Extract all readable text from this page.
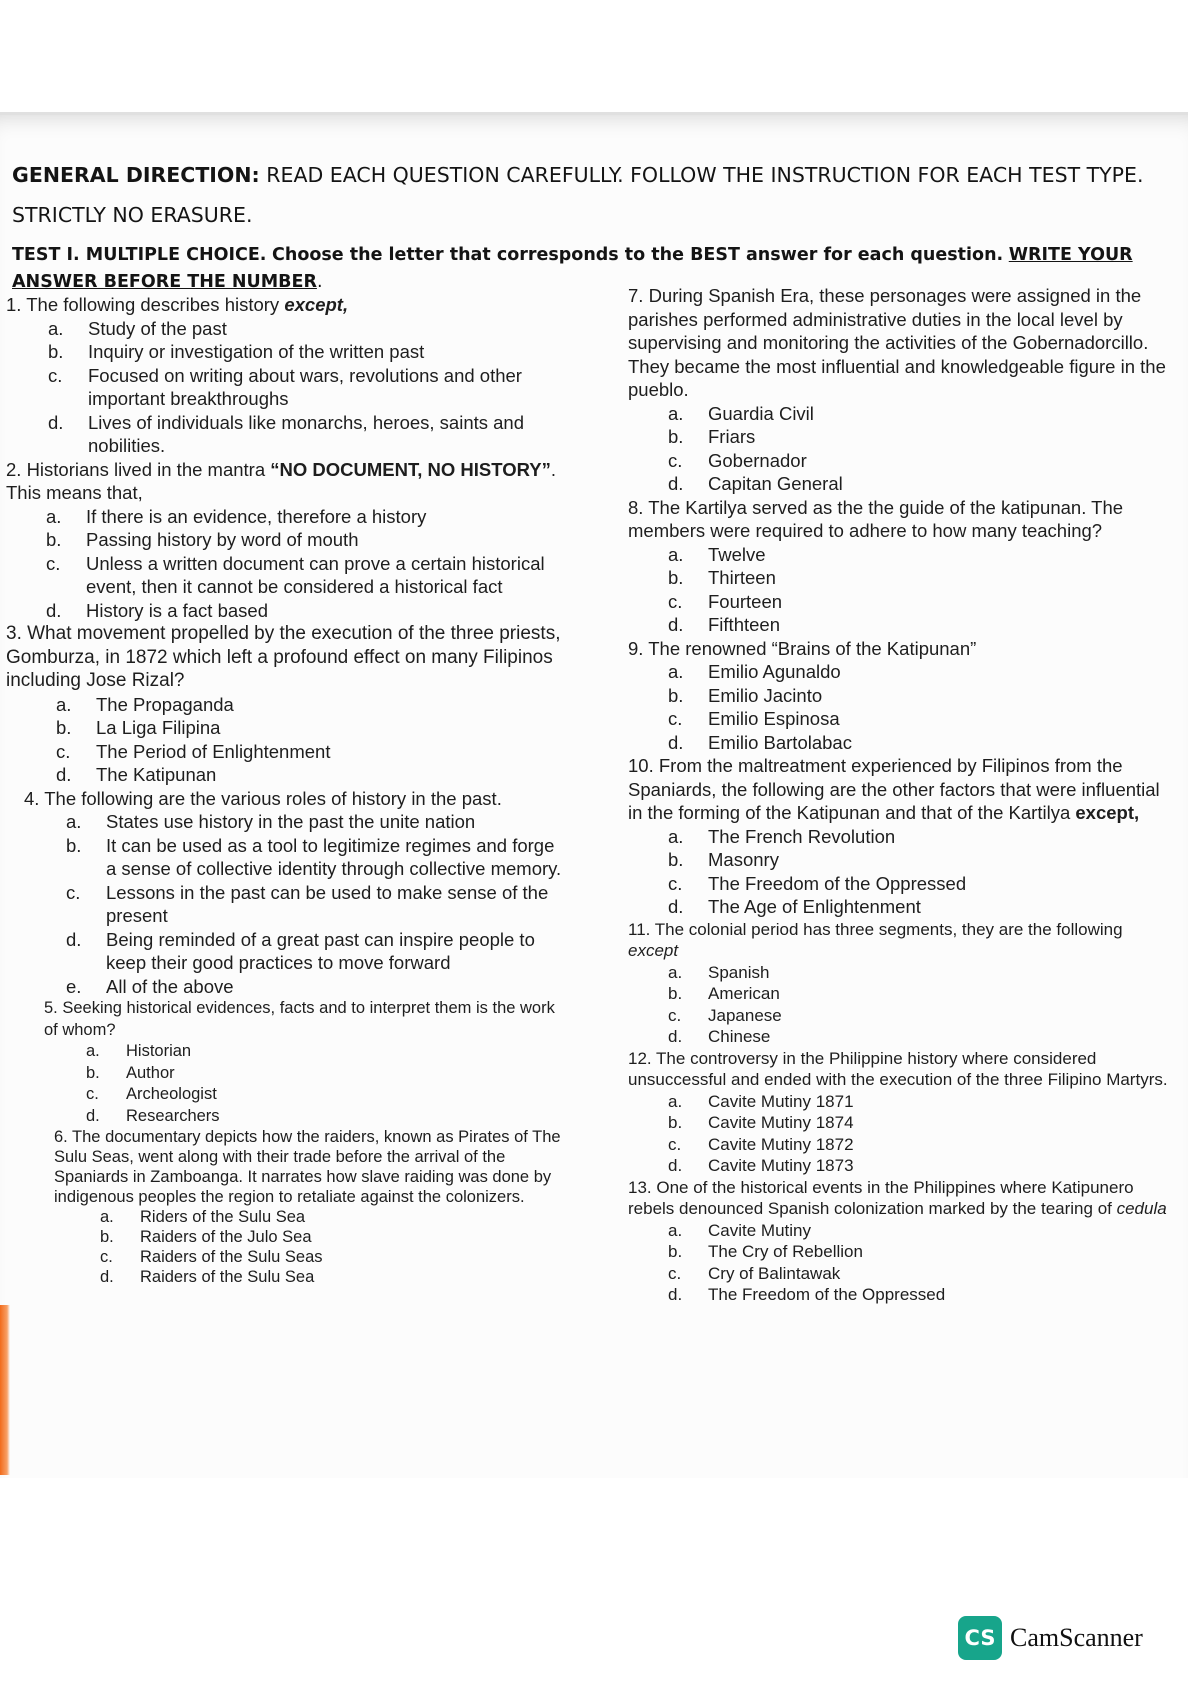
GENERAL DIRECTION: READ EACH QUESTION CAREFULLY. FOLLOW THE INSTRUCTION FOR EACH TEST TYPE. STRICTLY NO ERASURE.
TEST I. MULTIPLE CHOICE. Choose the letter that corresponds to the BEST answer for each question. WRITE YOUR ANSWER BEFORE THE NUMBER.
1. The following describes history except,
a.	Study of the past
b.	Inquiry or investigation of the written past
c.	Focused on writing about wars, revolutions and other important breakthroughs
d.	Lives of individuals like monarchs, heroes, saints and nobilities.
2. Historians lived in the mantra “NO DOCUMENT, NO HISTORY”. This means that,
a.	If there is an evidence, therefore a history
b.	Passing history by word of mouth
c.	Unless a written document can prove a certain historical event, then it cannot be considered a historical fact
d.	History is a fact based
3. What movement propelled by the execution of the three priests, Gomburza, in 1872 which left a profound effect on many Filipinos including Jose Rizal?
a.	The Propaganda
b.	La Liga Filipina
c.	The Period of Enlightenment
d.	The Katipunan
4. The following are the various roles of history in the past.
a.	States use history in the past the unite nation
b.	It can be used as a tool to legitimize regimes and forge a sense of collective identity through collective memory.
c.	Lessons in the past can be used to make sense of the present
d.	Being reminded of a great past can inspire people to keep their good practices to move forward
e.	All of the above
5. Seeking historical evidences, facts and to interpret them is the work of whom?
a.	Historian
b.	Author
c.	Archeologist
d.	Researchers
6. The documentary depicts how the raiders, known as Pirates of The Sulu Seas, went along with their trade before the arrival of the Spaniards in Zamboanga. It narrates how slave raiding was done by indigenous peoples the region to retaliate against the colonizers.
a.	Riders of the Sulu Sea
b.	Raiders of the Julo Sea
c.	Raiders of the Sulu Seas
d.	Raiders of the Sulu Sea
7. During Spanish Era, these personages were assigned in the parishes performed administrative duties in the local level by supervising and monitoring the activities of the Gobernadorcillo. They became the most influential and knowledgeable figure in the pueblo.
a.	Guardia Civil
b.	Friars
c.	Gobernador
d.	Capitan General
8. The Kartilya served as the the guide of the katipunan. The members were required to adhere to how many teaching?
a.	Twelve
b.	Thirteen
c.	Fourteen
d.	Fifthteen
9. The renowned “Brains of the Katipunan”
a.	Emilio Agunaldo
b.	Emilio Jacinto
c.	Emilio Espinosa
d.	Emilio Bartolabac
10. From the maltreatment experienced by Filipinos from the Spaniards, the following are the other factors that were influential in the forming of the Katipunan and that of the Kartilya except,
a.	The French Revolution
b.	Masonry
c.	The Freedom of the Oppressed
d.	The Age of Enlightenment
11. The colonial period has three segments, they are the following except
a.	Spanish
b.	American
c.	Japanese
d.	Chinese
12. The controversy in the Philippine history where considered unsuccessful and ended with the execution of the three Filipino Martyrs.
a.	Cavite Mutiny 1871
b.	Cavite Mutiny 1874
c.	Cavite Mutiny 1872
d.	Cavite Mutiny 1873
13. One of the historical events in the Philippines where Katipunero rebels denounced Spanish colonization marked by the tearing of cedula
a.	Cavite Mutiny
b.	The Cry of Rebellion
c.	Cry of Balintawak
d.	The Freedom of the Oppressed
CS CamScanner
